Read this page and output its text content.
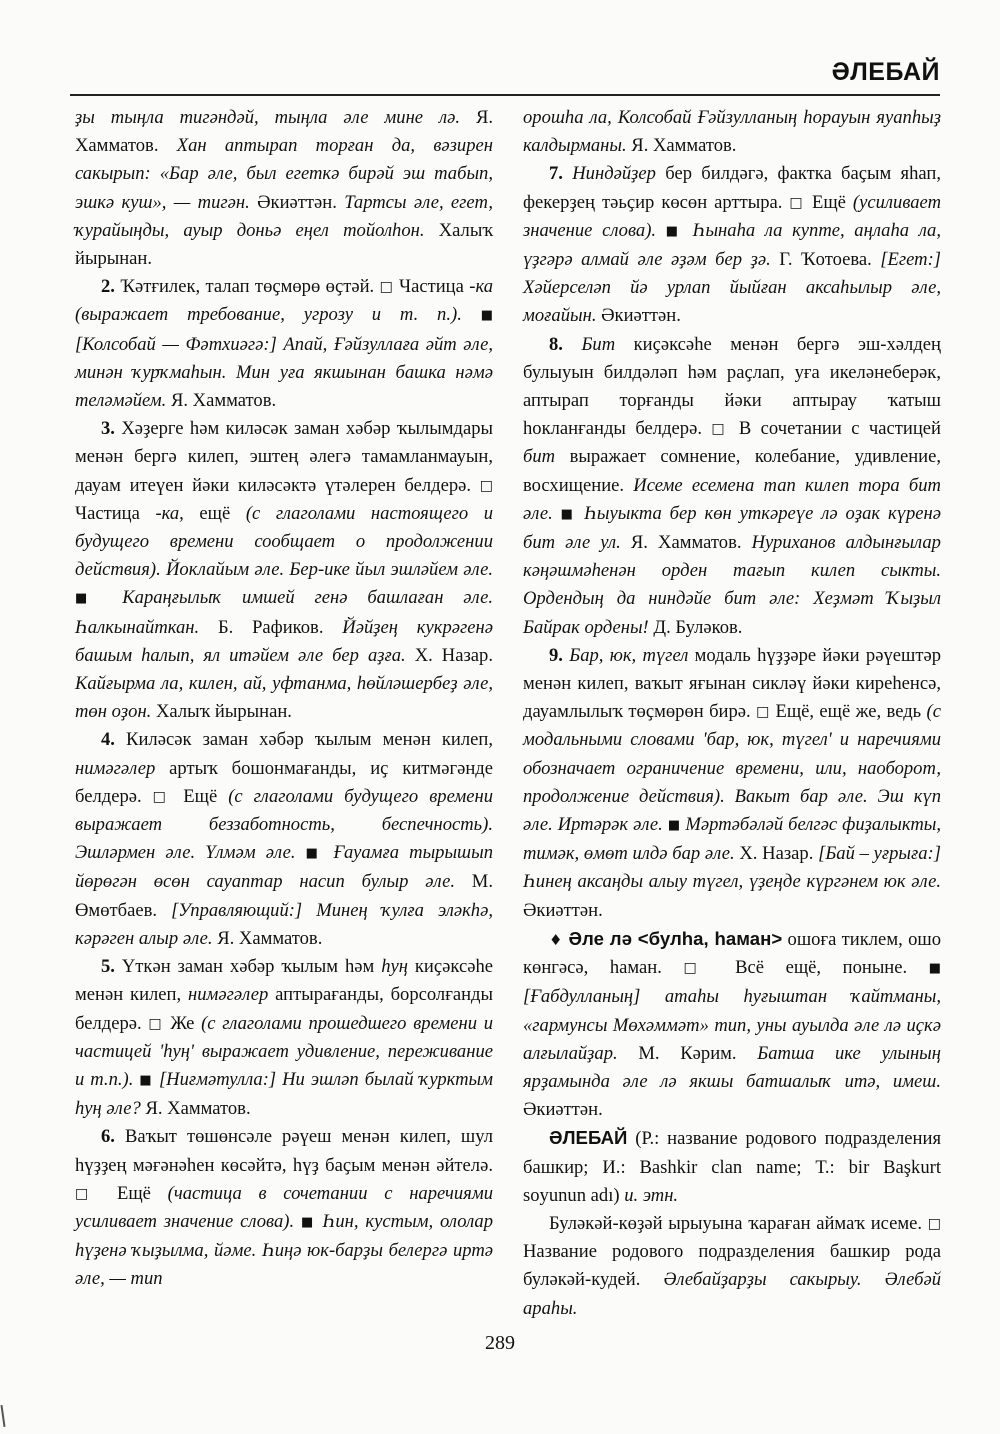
ӘЛЕБАЙ

ҙы тыңла тигәндәй, тыңла әле мине лә. Я. Хамматов. Хан аптырап торған да, вәзирен сакырып: «Бар әле, был егеткә бирәй эш табып, эшкә куш», — тигән. Әкиәттән. Тартсы әле, егет, ҡурайыңды, ауыр доньә еңел тойолһон. Халыҡ йырынан.

2. Ҡәтғилек, талап төҫмөрө өҫтәй. □ Частица -ка (выражает требование, угрозу и т. п.). ■ [Колсобай — Фәтхиәгә:] Апай, Ғәйзуллаға әйт әле, минән ҡурҡмаһын. Мин уға якшынан башка нәмә теләмәйем. Я. Хамматов.

3. Хәҙерге һәм киләсәк заман хәбәр ҡылымдары менән бергә килеп, эштең әлегә тамамланмауын, дауам итеүен йәки киләсәктә үтәлерен белдерә. □ Частица -ка, ещё (с глаголами настоящего и будущего времени сообщает о продолжении действия). Йоклайым әле. Бер-ике йыл эшләйем әле. ■ Караңғылыҡ имшей генә башлаған әле. Һалкынайткан. Б. Рафиков. Йәйҙең кукрәгенә башым һалып, ял итәйем әле бер аҙға. Х. Назар. Кайғырма ла, килен, ай, уфтанма, һөйләшербеҙ әле, төн оҙон. Халыҡ йырынан.

4. Киләсәк заман хәбәр ҡылым менән килеп, нимәгәлер артыҡ бошонмағанды, иҫ китмәгәнде белдерә. □ Ещё (с глаголами будущего времени выражает беззаботность, беспечность). Эшләрмен әле. Үлмәм әле. ■ Ғауамға тырышып йөрөгән өсөн сауаптар насип булыр әле. М. Өмөтбаев. [Управляющий:] Минең ҡулға эләкһә, кәрәген алыр әле. Я. Хамматов.

5. Үткән заман хәбәр ҡылым һәм һуң киҫәксәһе менән килеп, нимәгәлер аптырағанды, борсолғанды белдерә. □ Же (с глаголами прошедшего времени и частицей 'һуң' выражает удивление, переживание и т.п.). ■ [Ниғмәтулла:] Ни эшләп былай ҡурктым һуң әле? Я. Хамматов.

6. Ваҡыт төшөнсәле рәүеш менән килеп, шул һүҙҙең мәғәнәһен көсәйтә, һүҙ баҫым менән әйтелә. □ Ещё (частица в сочетании с наречиями усиливает значение слова). ■ Һин, кустым, ололар һүҙенә ҡыҙылма, йәме. Һиңә юк-барҙы белергә иртә әле, — тип

орошһа ла, Колсобай Ғәйзулланың һорауын яуапһыҙ калдырманы. Я. Хамматов.

7. Ниндәйҙер бер билдәгә, фактка баҫым яһап, фекерҙең тәьҫир көсөн арттыра. □ Ещё (усиливает значение слова). ■ Һынаһа ла купте, аңлаһа ла, үҙгәрә алмай әле әҙәм бер ҙә. Г. Ҡотоева. [Егет:] Хәйерселәп йә урлап йыйған аксаһылыр әле, моғайын. Әкиәттән.

8. Бит киҫәксәһе менән бергә эш-хәлдең булыуын билдәләп һәм раҫлап, уға икеләнеберәк, аптырап торғанды йәки аптырау ҡатыш һокланғанды белдерә. □ В сочетании с частицей бит выражает сомнение, колебание, удивление, восхищение. Исеме есемена тап килеп тора бит әле. ■ Һыуыкта бер көн уткәреүе лә оҙак күренә бит әле ул. Я. Хамматов. Нуриханов алдынғылар кәңәшмәһенән орден тағып килеп сыкты. Ордендың да ниндәйе бит әле: Хеҙмәт Ҡыҙыл Байрак ордены! Д. Буләков.

9. Бар, юк, түгел модаль һүҙҙәре йәки рәүештәр менән килеп, ваҡыт яғынан сикләү йәки киреһенсә, дауамлылыҡ төҫмөрөн бирә. □ Ещё, ещё же, ведь (с модальными словами 'бар, юк, түгел' и наречиями обозначает ограничение времени, или, наоборот, продолжение действия). Вакыт бар әле. Эш күп әле. Иртәрәк әле. ■ Мәртәбәләй белгәс фиҙалыкты, тимәк, өмөт илдә бар әле. Х. Назар. [Бай – уғрыға:] Һинең аксаңды алыу түгел, үҙеңде күргәнем юк әле. Әкиәттән.

♦ Әле лә <булһа, һаман> ошоға тиклем, ошо көнгәсә, һаман. □ Всё ещё, поныне. ■ [Ғабдулланың] атаһы һуғыштан ҡайтманы, «гармунсы Мөхәммәт» тип, уны ауылда әле лә иҫкә алғылайҙар. М. Кәрим. Батша ике улының ярҙамында әле лә якшы батшалыҡ итә, имеш. Әкиәттән.

ӘЛЕБАЙ (Р.: название родового подразделения башкир; И.: Bashkir clan name; Т.: bir Başkurt soyunun adı) и. этн.

Буләкәй-көҙәй ырыуына ҡараған аймаҡ исеме. □ Название родового подразделения башкир рода буләкәй-кудей. Әлебайҙарҙы сакырыу. Әлебәй араһы.

289
